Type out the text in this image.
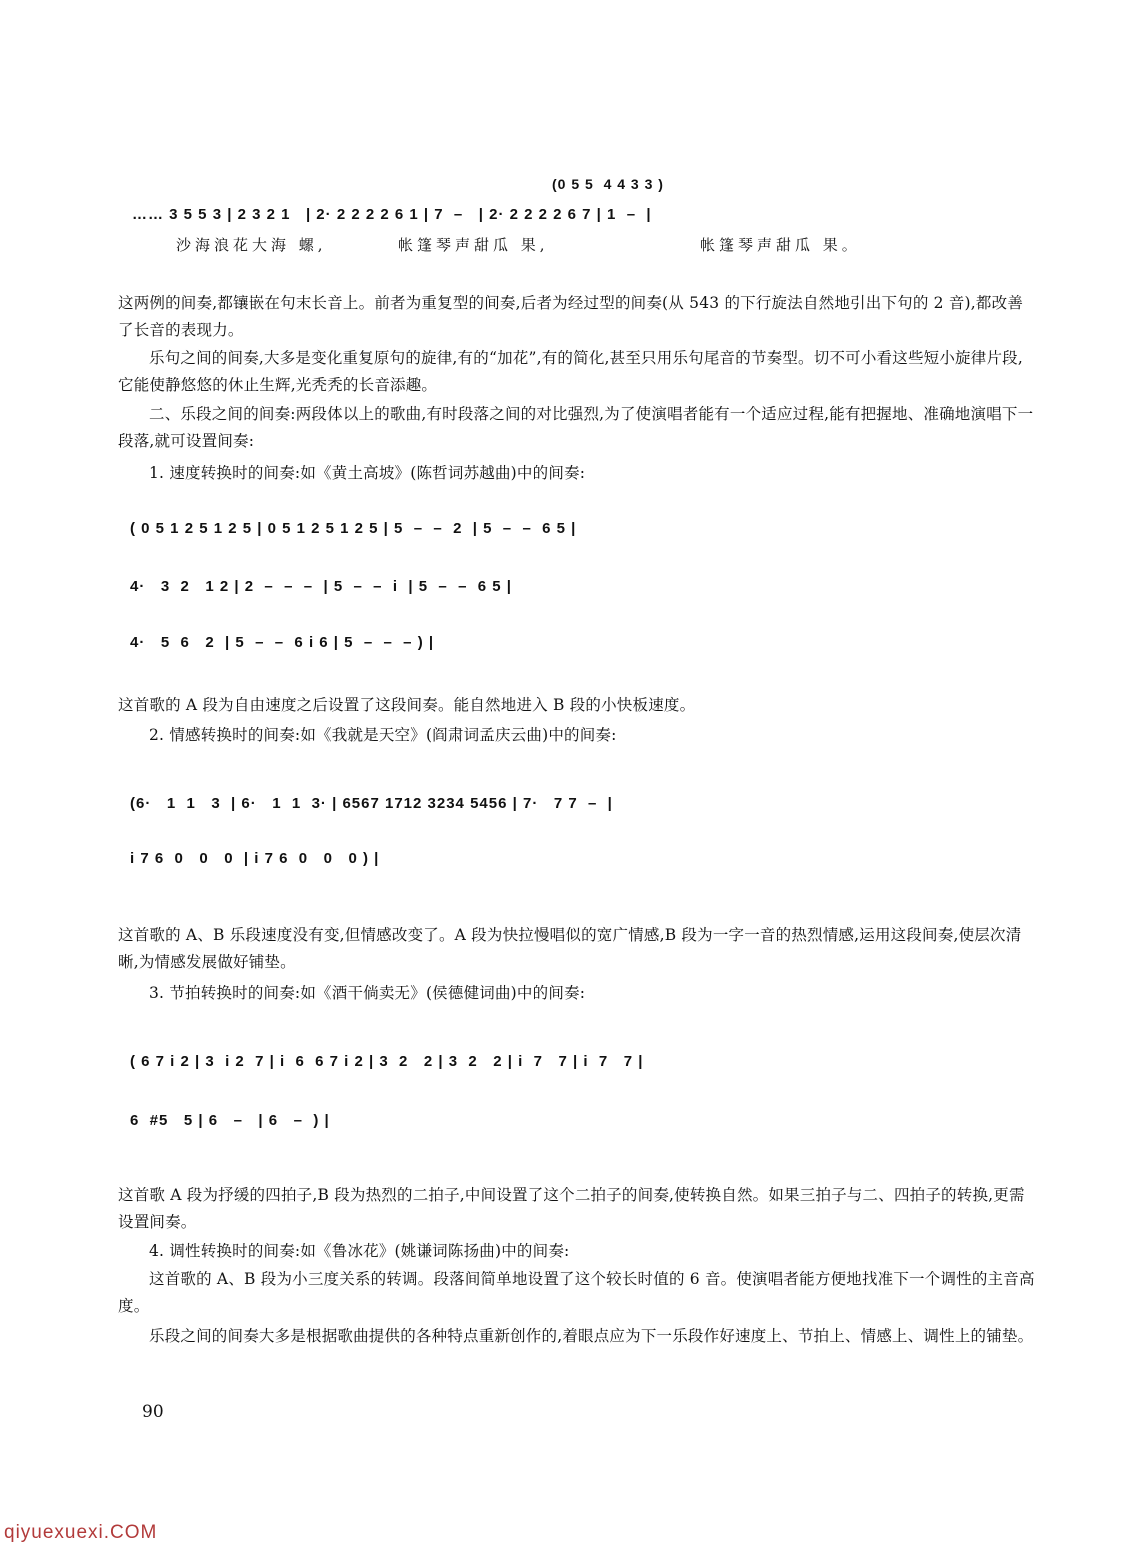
(0 5 5  4 4 3 3 )
…… 3 5 5 3 | 2 3 2 1   | 2· 2 2 2 2 6 1 | 7  –   | 2· 2 2 2 2 6 7 | 1  –  |
沙海浪花大海 螺,	帐篷琴声甜瓜 果,	帐篷琴声甜瓜 果。
这两例的间奏,都镶嵌在句末长音上。前者为重复型的间奏,后者为经过型的间奏(从 543 的下行旋法自然地引出下句的 2 音),都改善了长音的表现力。
乐句之间的间奏,大多是变化重复原句的旋律,有的“加花”,有的简化,甚至只用乐句尾音的节奏型。切不可小看这些短小旋律片段,它能使静悠悠的休止生辉,光秃秃的长音添趣。
二、乐段之间的间奏:两段体以上的歌曲,有时段落之间的对比强烈,为了使演唱者能有一个适应过程,能有把握地、准确地演唱下一段落,就可设置间奏:
1. 速度转换时的间奏:如《黄土高坡》(陈哲词苏越曲)中的间奏:
( 0 5 1 2 5 1 2 5 | 0 5 1 2 5 1 2 5 | 5  –  –  2  | 5  –  –  6 5 |
4·   3  2   1 2 | 2  –  –  –  | 5  –  –  i  | 5  –  –  6 5 |
4·   5  6   2  | 5  –  –  6 i 6 | 5  –  –  – ) |
这首歌的 A 段为自由速度之后设置了这段间奏。能自然地进入 B 段的小快板速度。
2. 情感转换时的间奏:如《我就是天空》(阎肃词孟庆云曲)中的间奏:
(6·   1  1   3  | 6·   1  1  3· | 6567 1712 3234 5456 | 7·   7 7  –  |
i 7 6  0   0   0  | i 7 6  0   0   0 ) |
这首歌的 A、B 乐段速度没有变,但情感改变了。A 段为快拉慢唱似的宽广情感,B 段为一字一音的热烈情感,运用这段间奏,使层次清晰,为情感发展做好铺垫。
3. 节拍转换时的间奏:如《酒干倘卖无》(侯德健词曲)中的间奏:
( 6 7 i 2 | 3  i 2  7 | i  6  6 7 i 2 | 3  2   2 | 3  2   2 | i  7   7 | i  7   7 |
6  #5   5 | 6   –   | 6   –  ) |
这首歌 A 段为抒缓的四拍子,B 段为热烈的二拍子,中间设置了这个二拍子的间奏,使转换自然。如果三拍子与二、四拍子的转换,更需设置间奏。
4. 调性转换时的间奏:如《鲁冰花》(姚谦词陈扬曲)中的间奏:
这首歌的 A、B 段为小三度关系的转调。段落间简单地设置了这个较长时值的 6 音。使演唱者能方便地找准下一个调性的主音高度。
乐段之间的间奏大多是根据歌曲提供的各种特点重新创作的,着眼点应为下一乐段作好速度上、节拍上、情感上、调性上的铺垫。
90
qiyuexuexi.COM
